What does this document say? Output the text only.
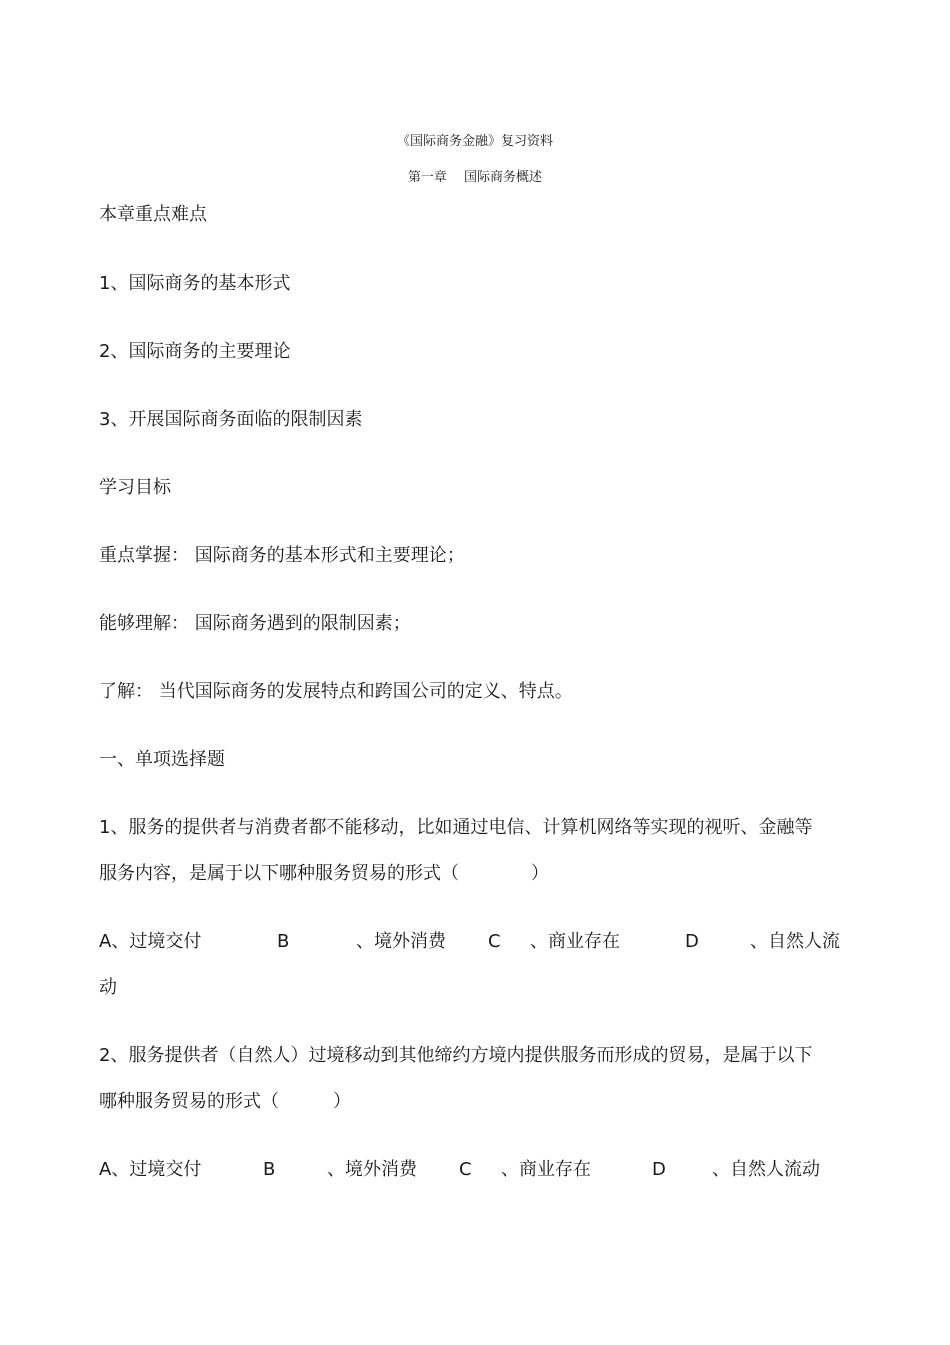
《国际商务金融》复习资料
第一章　 国际商务概述
本章重点难点
1、国际商务的基本形式
2、国际商务的主要理论
3、开展国际商务面临的限制因素
学习目标
重点掌握： 国际商务的基本形式和主要理论；
能够理解： 国际商务遇到的限制因素；
了解： 当代国际商务的发展特点和跨国公司的定义、特点。
一、单项选择题
1、服务的提供者与消费者都不能移动，比如通过电信、计算机网络等实现的视听、金融等
服务内容，是属于以下哪种服务贸易的形式（　　　　）
A、过境交付	B	、境外消费 C 、商业存在	D	、自然人流
动
2、服务提供者（自然人）过境移动到其他缔约方境内提供服务而形成的贸易，是属于以下
哪种服务贸易的形式（　　　）
A、过境交付	B	、境外消费 C 、商业存在	D	、自然人流动
